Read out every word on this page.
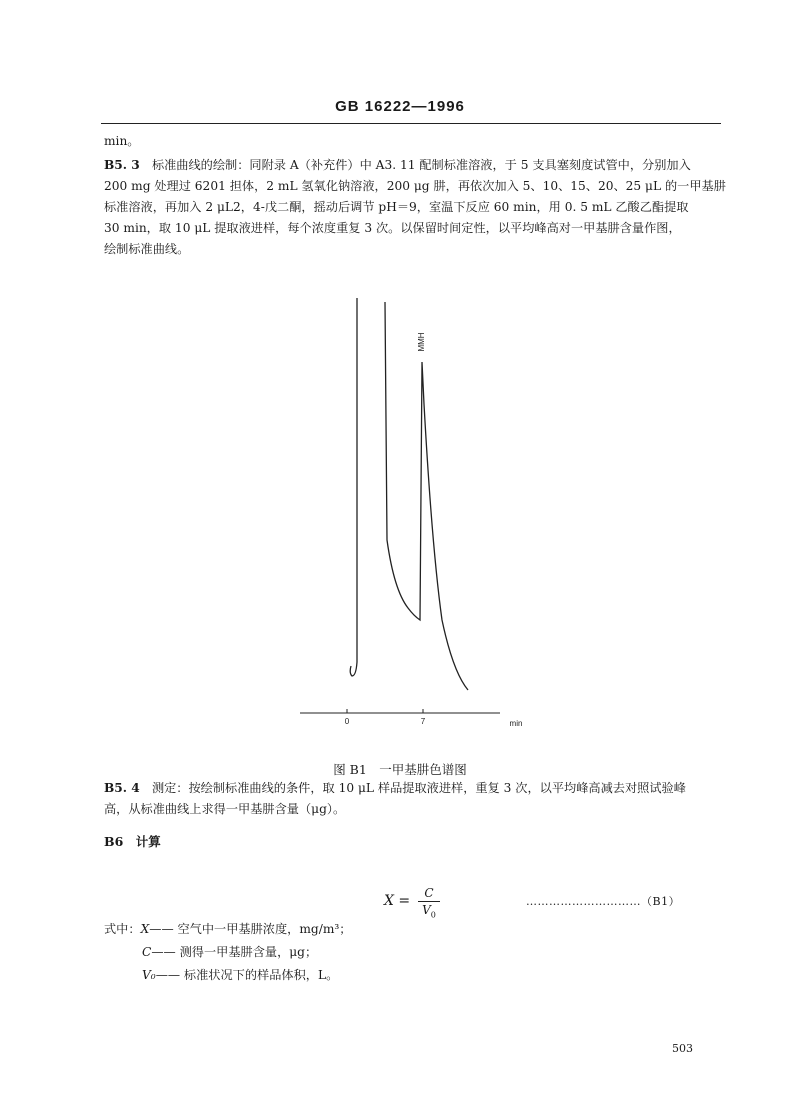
GB 16222—1996
min。
B5. 3　 标准曲线的绘制：同附录 A（补充件）中 A3. 11 配制标准溶液，于 5 支具塞刻度试管中，分别加入
200 mg 处理过 6201 担体，2 mL 氢氧化钠溶液，200 μg 肼，再依次加入 5、10、15、20、25 μL 的一甲基肼
标准溶液，再加入 2 μL2，4-戊二酮，摇动后调节 pH＝9，室温下反应 60 min，用 0. 5 mL 乙酸乙酯提取
30 min，取 10 μL 提取液进样，每个浓度重复 3 次。以保留时间定性，以平均峰高对一甲基肼含量作图，
绘制标准曲线。
MMH
0	7	min
图 B1　一甲基肼色谱图
B5. 4　 测定：按绘制标准曲线的条件，取 10 μL 样品提取液进样，重复 3 次，以平均峰高减去对照试验峰
高，从标准曲线上求得一甲基肼含量（μg）。
B6　计算
X =	C
$V_0$
…………………………（B1）
式中：X—— 空气中一甲基肼浓度，mg/m³；
C—— 测得一甲基肼含量，μg；
V₀—— 标准状况下的样品体积，L。
503
